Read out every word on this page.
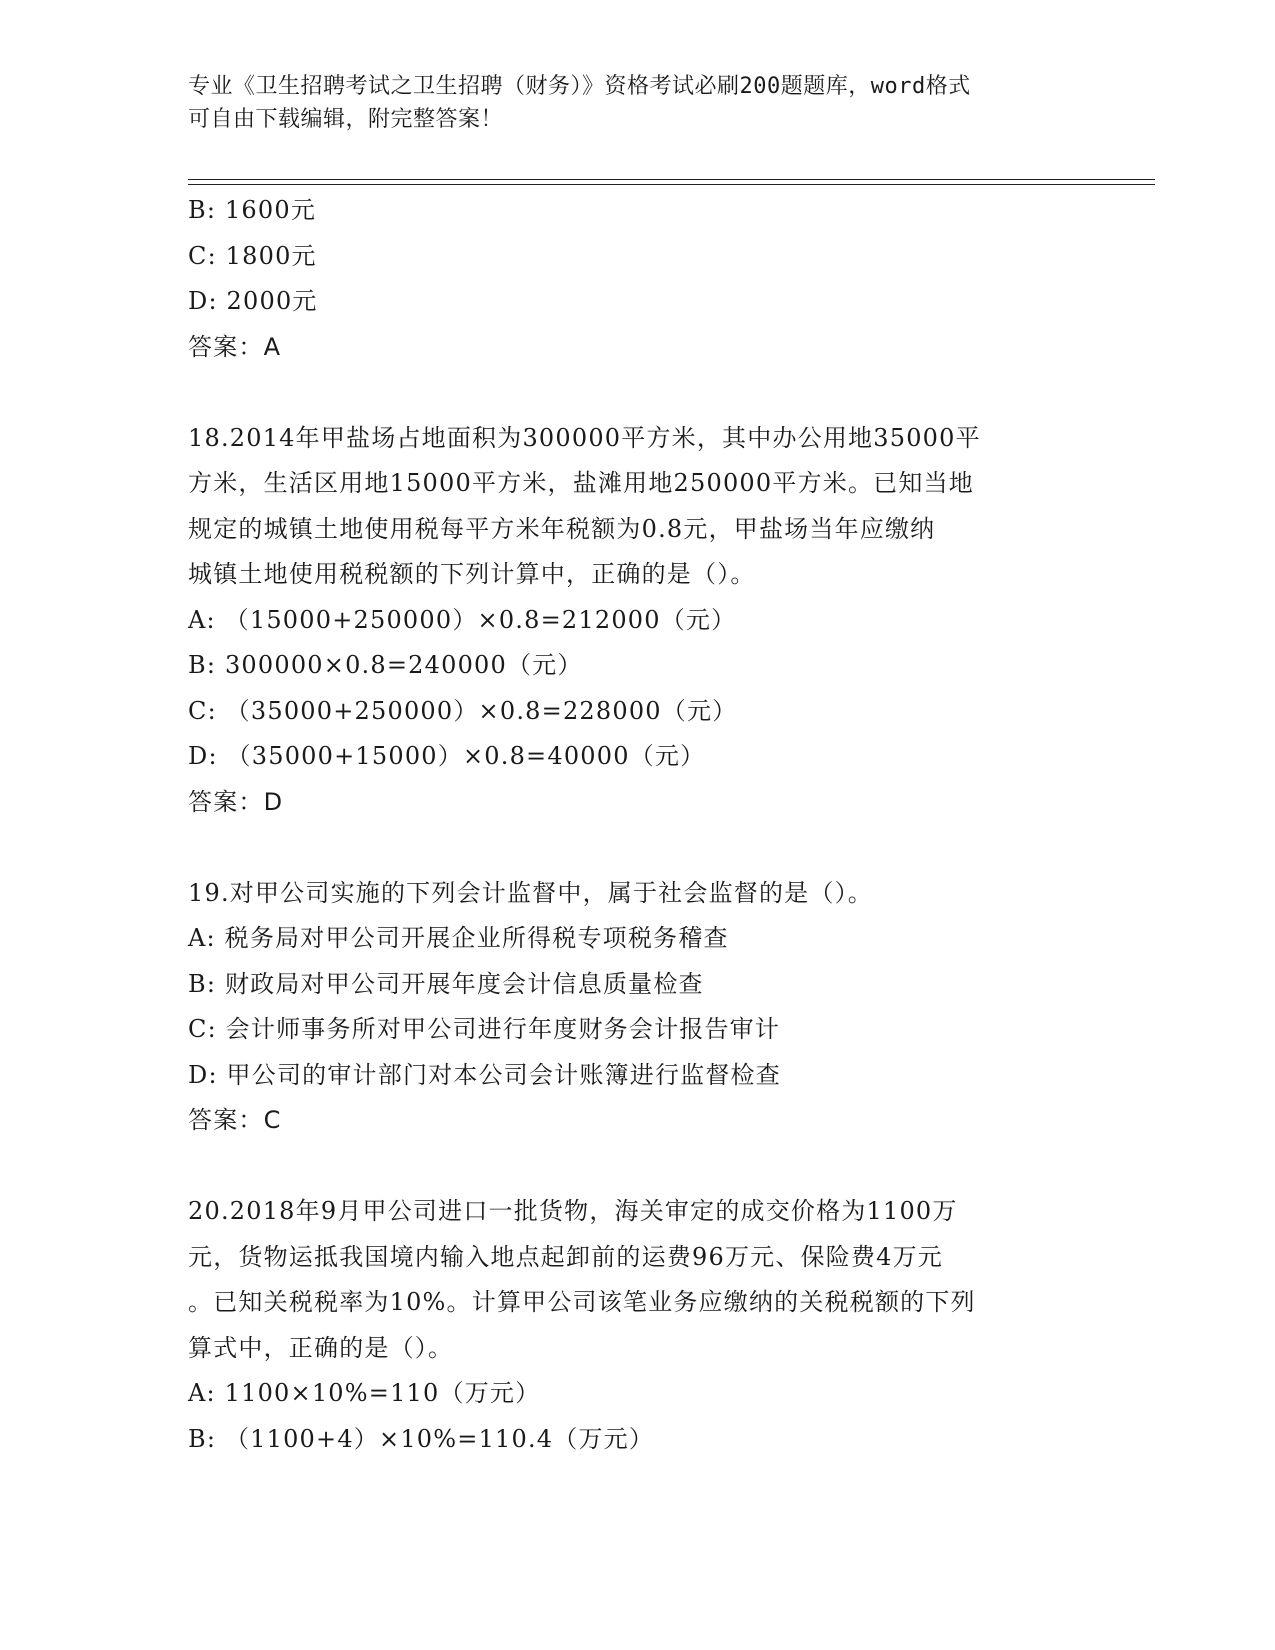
专业《卫生招聘考试之卫生招聘（财务）》资格考试必刷200题题库，word格式
可自由下载编辑，附完整答案！
B: 1600元
C: 1800元
D: 2000元
答案：A
18.2014年甲盐场占地面积为300000平方米，其中办公用地35000平
方米，生活区用地15000平方米，盐滩用地250000平方米。已知当地
规定的城镇土地使用税每平方米年税额为0.8元，甲盐场当年应缴纳
城镇土地使用税税额的下列计算中，正确的是（）。
A: （15000+250000）×0.8=212000（元）
B: 300000×0.8=240000（元）
C: （35000+250000）×0.8=228000（元）
D: （35000+15000）×0.8=40000（元）
答案：D
19.对甲公司实施的下列会计监督中，属于社会监督的是（）。
A: 税务局对甲公司开展企业所得税专项税务稽查
B: 财政局对甲公司开展年度会计信息质量检查
C: 会计师事务所对甲公司进行年度财务会计报告审计
D: 甲公司的审计部门对本公司会计账簿进行监督检查
答案：C
20.2018年9月甲公司进口一批货物，海关审定的成交价格为1100万
元，货物运抵我国境内输入地点起卸前的运费96万元、保险费4万元
。已知关税税率为10%。计算甲公司该笔业务应缴纳的关税税额的下列
算式中，正确的是（）。
A: 1100×10%=110（万元）
B: （1100+4）×10%=110.4（万元）
